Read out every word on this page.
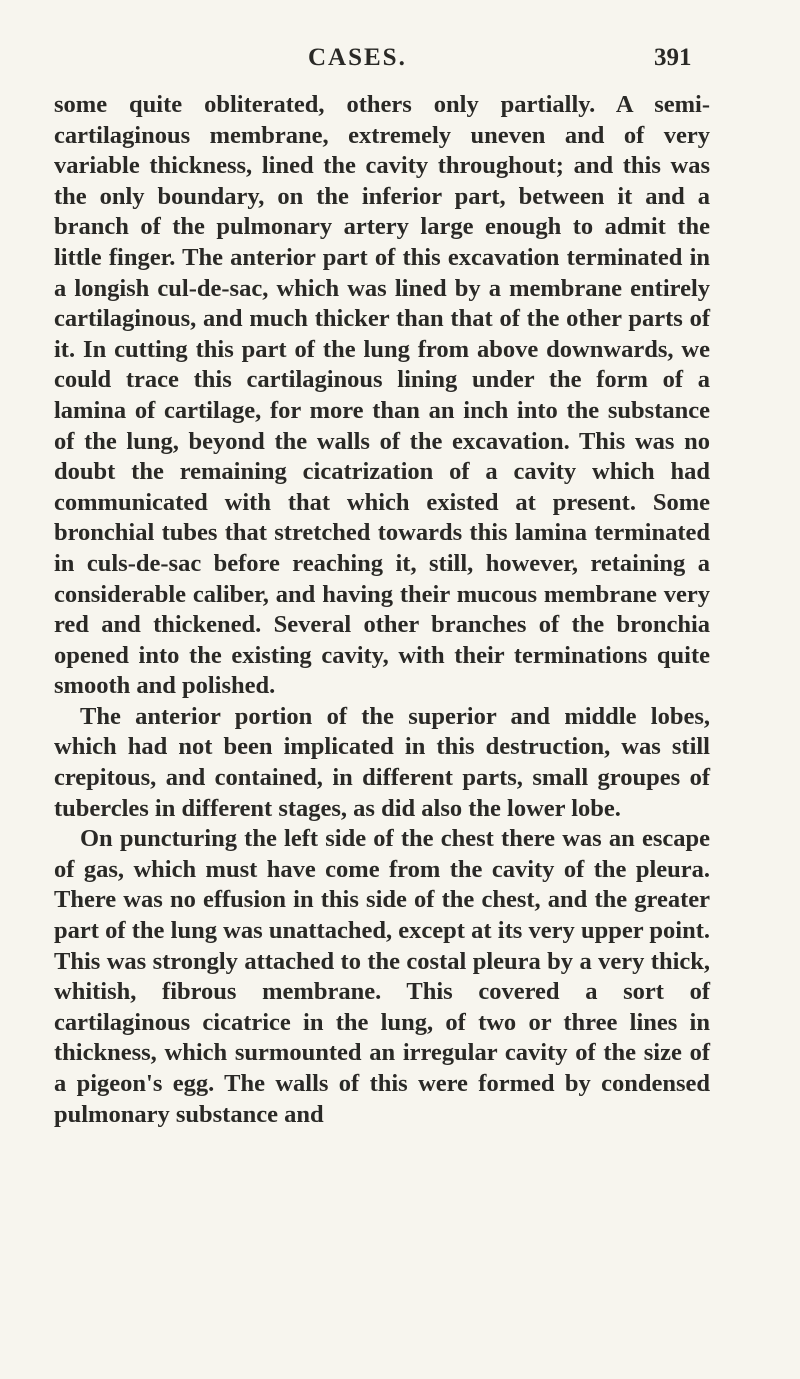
CASES.	391

some quite obliterated, others only partially. A semi-cartilaginous membrane, extremely uneven and of very variable thickness, lined the cavity throughout; and this was the only boundary, on the inferior part, between it and a branch of the pulmonary artery large enough to admit the little finger. The anterior part of this excavation terminated in a longish cul-de-sac, which was lined by a membrane entirely cartilaginous, and much thicker than that of the other parts of it. In cutting this part of the lung from above downwards, we could trace this cartilaginous lining under the form of a lamina of cartilage, for more than an inch into the substance of the lung, beyond the walls of the excavation. This was no doubt the remaining cicatrization of a cavity which had communicated with that which existed at present. Some bronchial tubes that stretched towards this lamina terminated in culs-de-sac before reaching it, still, however, retaining a considerable caliber, and having their mucous membrane very red and thickened. Several other branches of the bronchia opened into the existing cavity, with their terminations quite smooth and polished.

The anterior portion of the superior and middle lobes, which had not been implicated in this destruction, was still crepitous, and contained, in different parts, small groupes of tubercles in different stages, as did also the lower lobe.

On puncturing the left side of the chest there was an escape of gas, which must have come from the cavity of the pleura. There was no effusion in this side of the chest, and the greater part of the lung was unattached, except at its very upper point. This was strongly attached to the costal pleura by a very thick, whitish, fibrous membrane. This covered a sort of cartilaginous cicatrice in the lung, of two or three lines in thickness, which surmounted an irregular cavity of the size of a pigeon's egg. The walls of this were formed by condensed pulmonary substance and
